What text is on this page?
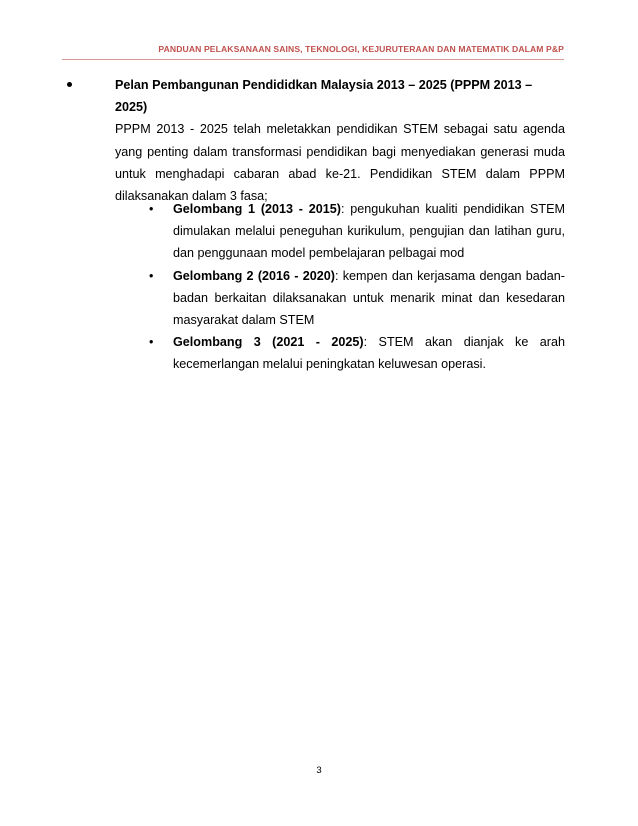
PANDUAN PELAKSANAAN SAINS, TEKNOLOGI, KEJURUTERAAN DAN MATEMATIK DALAM P&P
Pelan Pembangunan Pendididkan Malaysia 2013 – 2025 (PPPM 2013 – 2025)
PPPM 2013 - 2025 telah meletakkan pendidikan STEM sebagai satu agenda
yang penting dalam transformasi pendidikan bagi menyediakan generasi muda
untuk menghadapi cabaran abad ke-21. Pendidikan STEM dalam PPPM
dilaksanakan dalam 3 fasa;
• Gelombang 1 (2013 - 2015): pengukuhan kualiti pendidikan STEM
dimulakan melalui peneguhan kurikulum, pengujian dan latihan guru,
dan penggunaan model pembelajaran pelbagai mod
• Gelombang 2 (2016 - 2020): kempen dan kerjasama dengan badan-
badan berkaitan dilaksanakan untuk menarik minat dan kesedaran
masyarakat dalam STEM
• Gelombang 3 (2021 - 2025): STEM akan dianjak ke arah
kecemerlangan melalui peningkatan keluwesan operasi.
3
